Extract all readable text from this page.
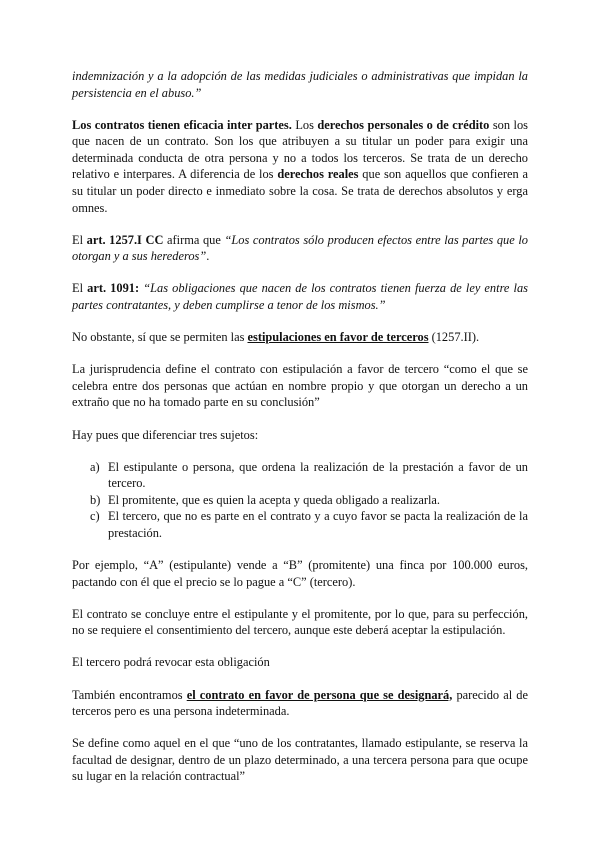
indemnización y a la adopción de las medidas judiciales o administrativas que impidan la persistencia en el abuso.”

Los contratos tienen eficacia inter partes. Los derechos personales o de crédito son los que nacen de un contrato. Son los que atribuyen a su titular un poder para exigir una determinada conducta de otra persona y no a todos los terceros. Se trata de un derecho relativo e interpares. A diferencia de los derechos reales que son aquellos que confieren a su titular un poder directo e inmediato sobre la cosa. Se trata de derechos absolutos y erga omnes.

El art. 1257.I CC afirma que “Los contratos sólo producen efectos entre las partes que lo otorgan y a sus herederos”.

El art. 1091: “Las obligaciones que nacen de los contratos tienen fuerza de ley entre las partes contratantes, y deben cumplirse a tenor de los mismos.”

No obstante, sí que se permiten las estipulaciones en favor de terceros (1257.II).

La jurisprudencia define el contrato con estipulación a favor de tercero “como el que se celebra entre dos personas que actúan en nombre propio y que otorgan un derecho a un extraño que no ha tomado parte en su conclusión”

Hay pues que diferenciar tres sujetos:

a) El estipulante o persona, que ordena la realización de la prestación a favor de un tercero.
b) El promitente, que es quien la acepta y queda obligado a realizarla.
c) El tercero, que no es parte en el contrato y a cuyo favor se pacta la realización de la prestación.

Por ejemplo, “A” (estipulante) vende a “B” (promitente) una finca por 100.000 euros, pactando con él que el precio se lo pague a “C” (tercero).

El contrato se concluye entre el estipulante y el promitente, por lo que, para su perfección, no se requiere el consentimiento del tercero, aunque este deberá aceptar la estipulación.

El tercero podrá revocar esta obligación

También encontramos el contrato en favor de persona que se designará, parecido al de terceros pero es una persona indeterminada.

Se define como aquel en el que “uno de los contratantes, llamado estipulante, se reserva la facultad de designar, dentro de un plazo determinado, a una tercera persona para que ocupe su lugar en la relación contractual”
